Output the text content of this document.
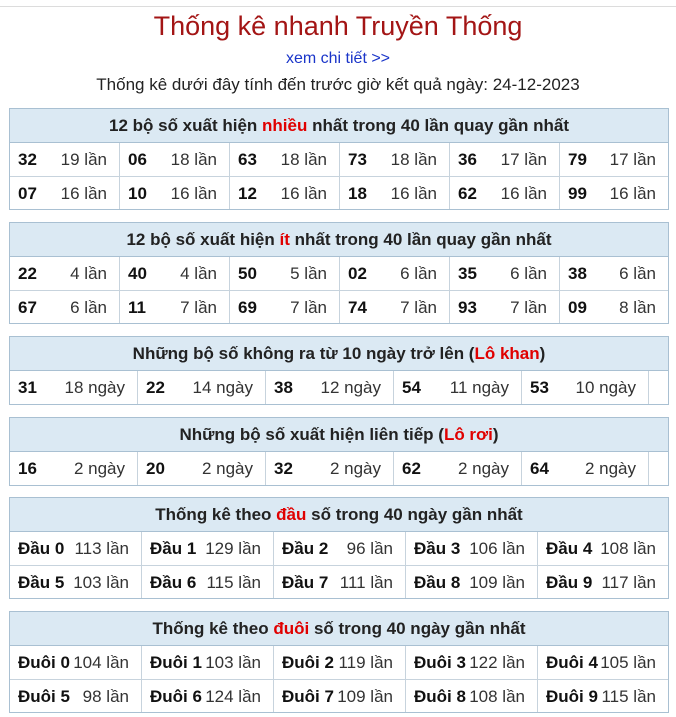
Thống kê nhanh Truyền Thống
xem chi tiết >>
Thống kê dưới đây tính đến trước giờ kết quả ngày: 24-12-2023
12 bộ số xuất hiện nhiều nhất trong 40 lần quay gần nhất
32 19 lần 06 18 lần 63 18 lần 73 18 lần 36 17 lần 79 17 lần
07 16 lần 10 16 lần 12 16 lần 18 16 lần 62 16 lần 99 16 lần
12 bộ số xuất hiện ít nhất trong 40 lần quay gần nhất
22 4 lần 40 4 lần 50 5 lần 02 6 lần 35 6 lần 38 6 lần
67 6 lần 11 7 lần 69 7 lần 74 7 lần 93 7 lần 09 8 lần
Những bộ số không ra từ 10 ngày trở lên (Lô khan)
31 18 ngày 22 14 ngày 38 12 ngày 54 11 ngày 53 10 ngày
Những bộ số xuất hiện liên tiếp (Lô rơi)
16 2 ngày 20 2 ngày 32 2 ngày 62 2 ngày 64 2 ngày
Thống kê theo đầu số trong 40 ngày gần nhất
Đầu 0 113 lần Đầu 1 129 lần Đầu 2 96 lần Đầu 3 106 lần Đầu 4 108 lần
Đầu 5 103 lần Đầu 6 115 lần Đầu 7 111 lần Đầu 8 109 lần Đầu 9 117 lần
Thống kê theo đuôi số trong 40 ngày gần nhất
Đuôi 0 104 lần Đuôi 1 103 lần Đuôi 2 119 lần Đuôi 3 122 lần Đuôi 4 105 lần
Đuôi 5 98 lần Đuôi 6 124 lần Đuôi 7 109 lần Đuôi 8 108 lần Đuôi 9 115 lần
